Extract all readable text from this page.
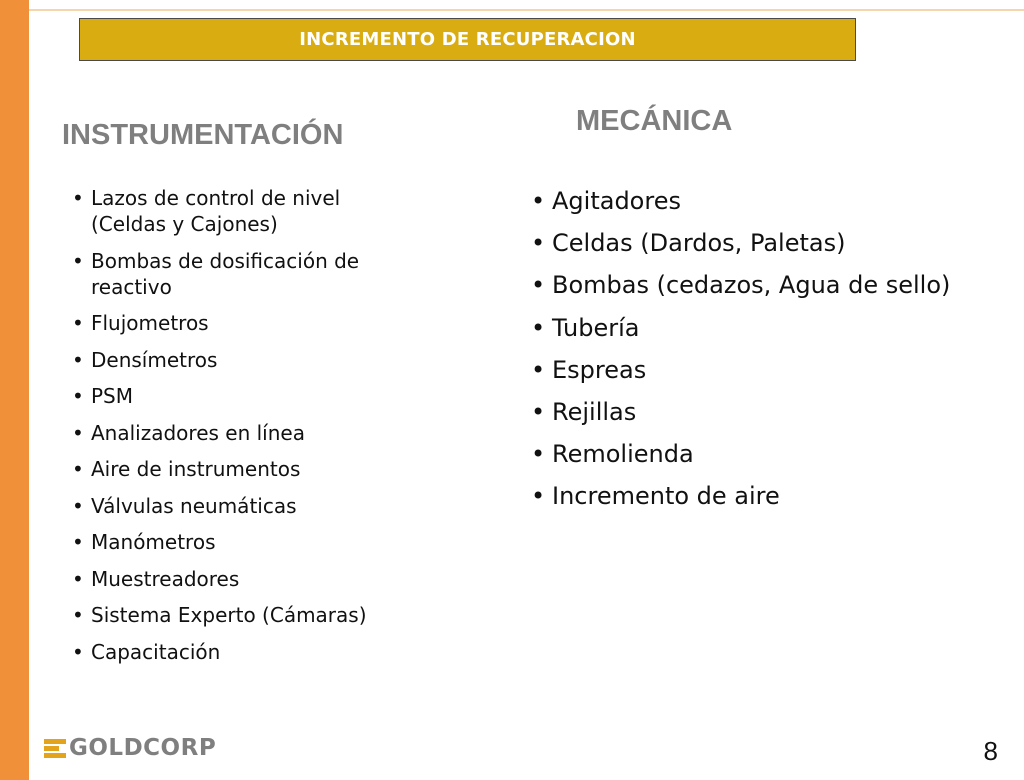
INCREMENTO DE RECUPERACION
INSTRUMENTACIÓN	MECÁNICA
• Lazos de control de nivel (Celdas y Cajones)
• Bombas de dosificación de reactivo
• Flujometros
• Densímetros
• PSM
• Analizadores en línea
• Aire de instrumentos
• Válvulas neumáticas
• Manómetros
• Muestreadores
• Sistema Experto (Cámaras)
• Capacitación
• Agitadores
• Celdas (Dardos, Paletas)
• Bombas (cedazos, Agua de sello)
• Tubería
• Espreas
• Rejillas
• Remolienda
• Incremento de aire
GOLDCORP	8
